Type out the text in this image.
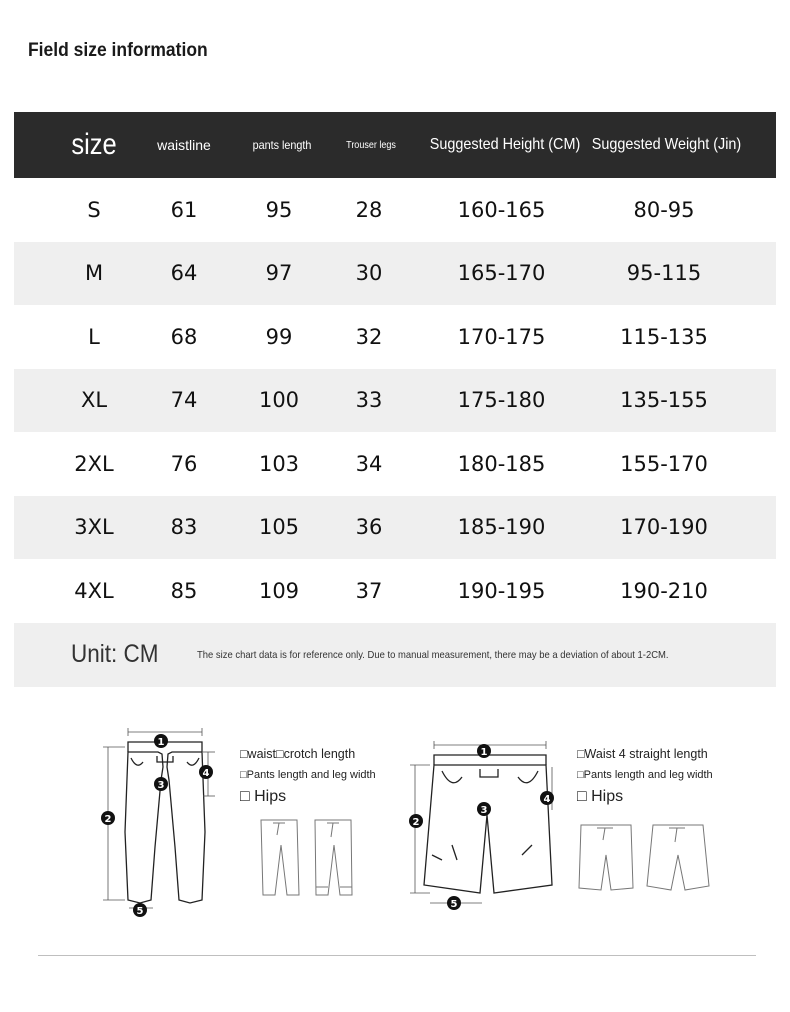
Field size information
size	waistline	pants length	Trouser legs	Suggested Height (CM) Suggested Weight (Jin)
S	61	95	28	160-165	80-95
M	64	97	30	165-170	95-115
L	68	99	32	170-175	115-135
XL	74	100	33	175-180	135-155
2XL	76	103	34	180-185	155-170
3XL	83	105	36	185-190	170-190
4XL	85	109	37	190-195	190-210
Unit: CM	The size chart data is for reference only. Due to manual measurement, there may be a deviation of about 1-2CM.
1
2
3
4
5
□waist□crotch length
□Pants length and leg width
□ Hips
1
2
3
4
5
□Waist 4 straight length
□Pants length and leg width
□ Hips
